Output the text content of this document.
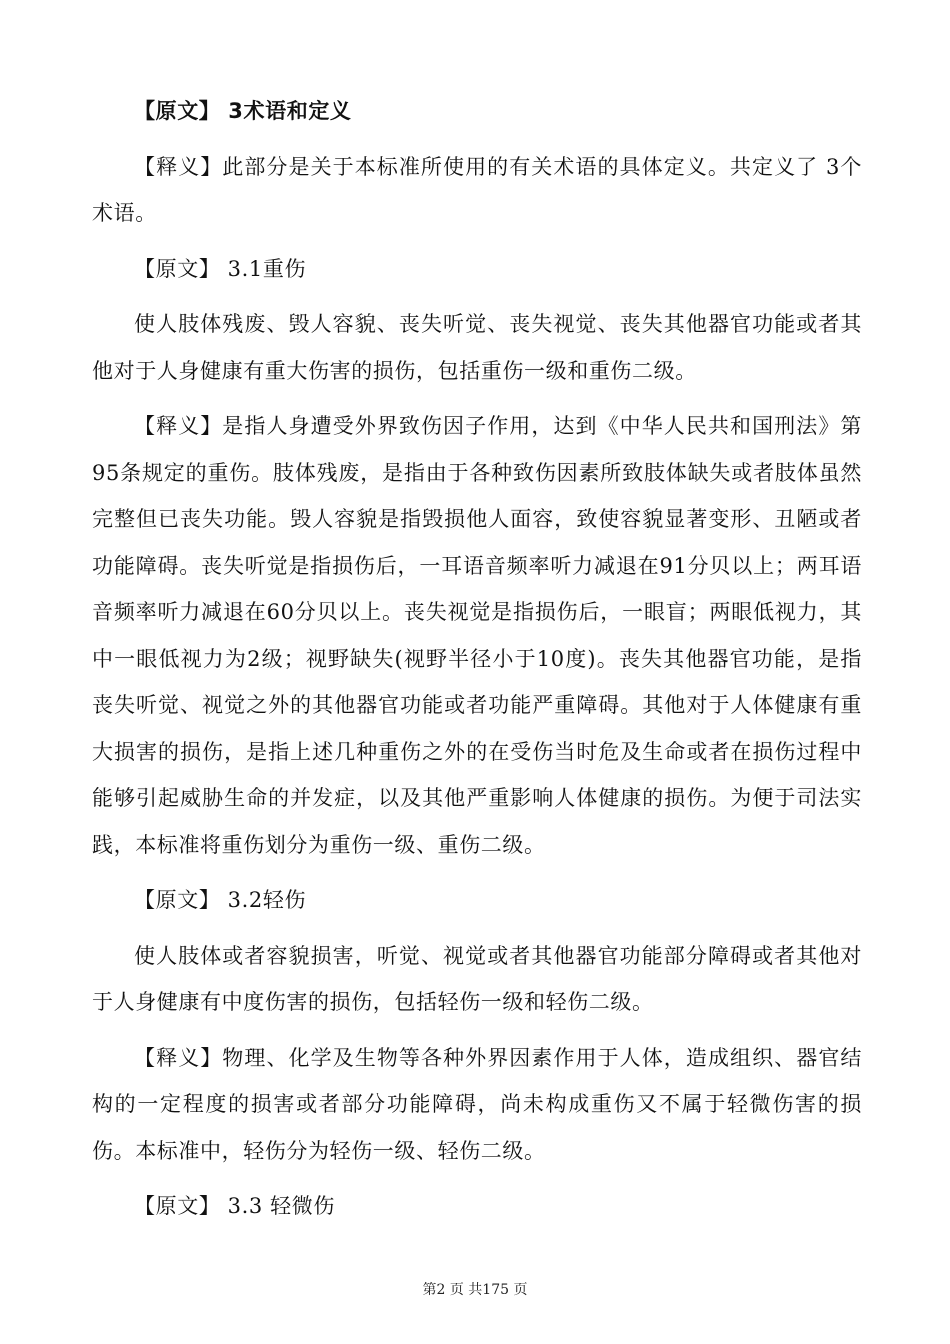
【原文】 3术语和定义

【释义】此部分是关于本标准所使用的有关术语的具体定义。共定义了 3个术语。

【原文】 3.1重伤

使人肢体残废、毁人容貌、丧失听觉、丧失视觉、丧失其他器官功能或者其他对于人身健康有重大伤害的损伤，包括重伤一级和重伤二级。

【释义】是指人身遭受外界致伤因子作用，达到《中华人民共和国刑法》第95条规定的重伤。肢体残废，是指由于各种致伤因素所致肢体缺失或者肢体虽然完整但已丧失功能。毁人容貌是指毁损他人面容，致使容貌显著变形、丑陋或者功能障碍。丧失听觉是指损伤后，一耳语音频率听力减退在91分贝以上；两耳语音频率听力减退在60分贝以上。丧失视觉是指损伤后，一眼盲；两眼低视力，其中一眼低视力为2级；视野缺失(视野半径小于10度)。丧失其他器官功能，是指丧失听觉、视觉之外的其他器官功能或者功能严重障碍。其他对于人体健康有重大损害的损伤，是指上述几种重伤之外的在受伤当时危及生命或者在损伤过程中能够引起威胁生命的并发症，以及其他严重影响人体健康的损伤。为便于司法实践，本标准将重伤划分为重伤一级、重伤二级。

【原文】 3.2轻伤

使人肢体或者容貌损害，听觉、视觉或者其他器官功能部分障碍或者其他对于人身健康有中度伤害的损伤，包括轻伤一级和轻伤二级。

【释义】物理、化学及生物等各种外界因素作用于人体，造成组织、器官结构的一定程度的损害或者部分功能障碍，尚未构成重伤又不属于轻微伤害的损伤。本标准中，轻伤分为轻伤一级、轻伤二级。

【原文】 3.3 轻微伤

第2 页 共175 页
